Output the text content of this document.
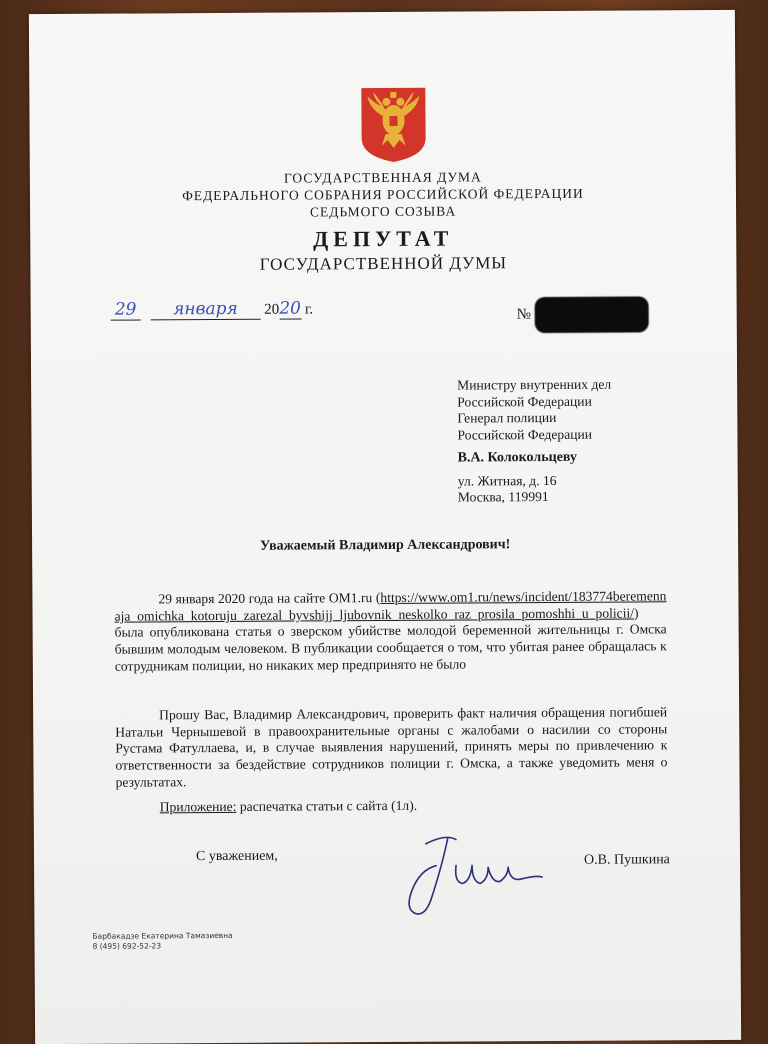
ГОСУДАРСТВЕННАЯ ДУМА
ФЕДЕРАЛЬНОГО СОБРАНИЯ РОССИЙСКОЙ ФЕДЕРАЦИИ
СЕДЬМОГО СОЗЫВА
ДЕПУТАТ
ГОСУДАРСТВЕННОЙ ДУМЫ
29 января 2020 г.	№
Министру внутренних дел
Российской Федерации
Генерал полиции
Российской Федерации
В.А. Колокольцеву
ул. Житная, д. 16
Москва, 119991
Уважаемый Владимир Александрович!
29 января 2020 года на сайте OM1.ru (https://www.om1.ru/news/incident/183774beremennaja_omichka_kotoruju_zarezal_byvshijj_ljubovnik_neskolko_raz_prosila_pomoshhi_u_policii/) была опубликована статья о зверском убийстве молодой беременной жительницы г. Омска бывшим молодым человеком. В публикации сообщается о том, что убитая ранее обращалась к сотрудникам полиции, но никаких мер предпринято не было
Прошу Вас, Владимир Александрович, проверить факт наличия обращения погибшей Натальи Чернышевой в правоохранительные органы с жалобами о насилии со стороны Рустама Фатуллаева, и, в случае выявления нарушений, принять меры по привлечению к ответственности за бездействие сотрудников полиции г. Омска, а также уведомить меня о результатах.
Приложение: распечатка статьи с сайта (1л).
С уважением,	О.В. Пушкина
Барбакадзе Екатерина Тамазиевна
8 (495) 692-52-23
